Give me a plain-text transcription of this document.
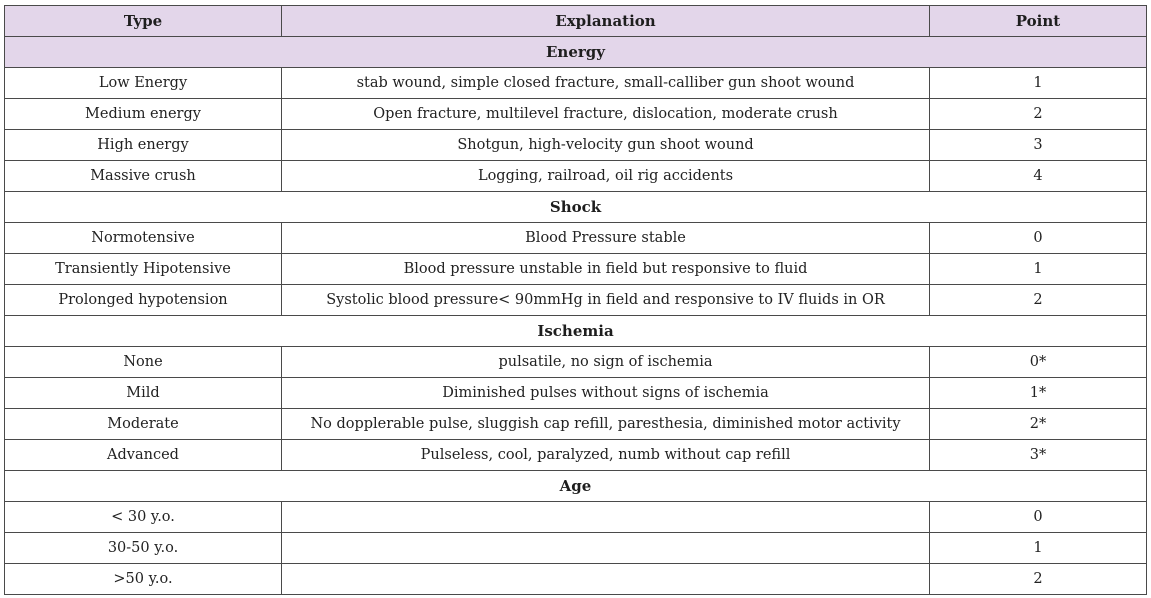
Type	Explanation	Point
Energy		
Low Energy	stab wound, simple closed fracture, small-calliber gun shoot wound	1
Medium energy	Open fracture, multilevel fracture, dislocation, moderate crush	2
High energy	Shotgun, high-velocity gun shoot wound	3
Massive crush	Logging, railroad, oil rig accidents	4
Shock		
Normotensive	Blood Pressure stable	0
Transiently Hipotensive	Blood pressure unstable in field but responsive to fluid	1
Prolonged hypotension	Systolic blood pressure< 90mmHg in field and responsive to IV fluids in OR	2
Ischemia		
None	pulsatile, no sign of ischemia	0*
Mild	Diminished pulses without signs of ischemia	1*
Moderate	No dopplerable pulse, sluggish cap refill, paresthesia, diminished motor activity	2*
Advanced	Pulseless, cool, paralyzed, numb without cap refill	3*
Age		
< 30 y.o.		0
30-50 y.o.		1
>50 y.o.		2
